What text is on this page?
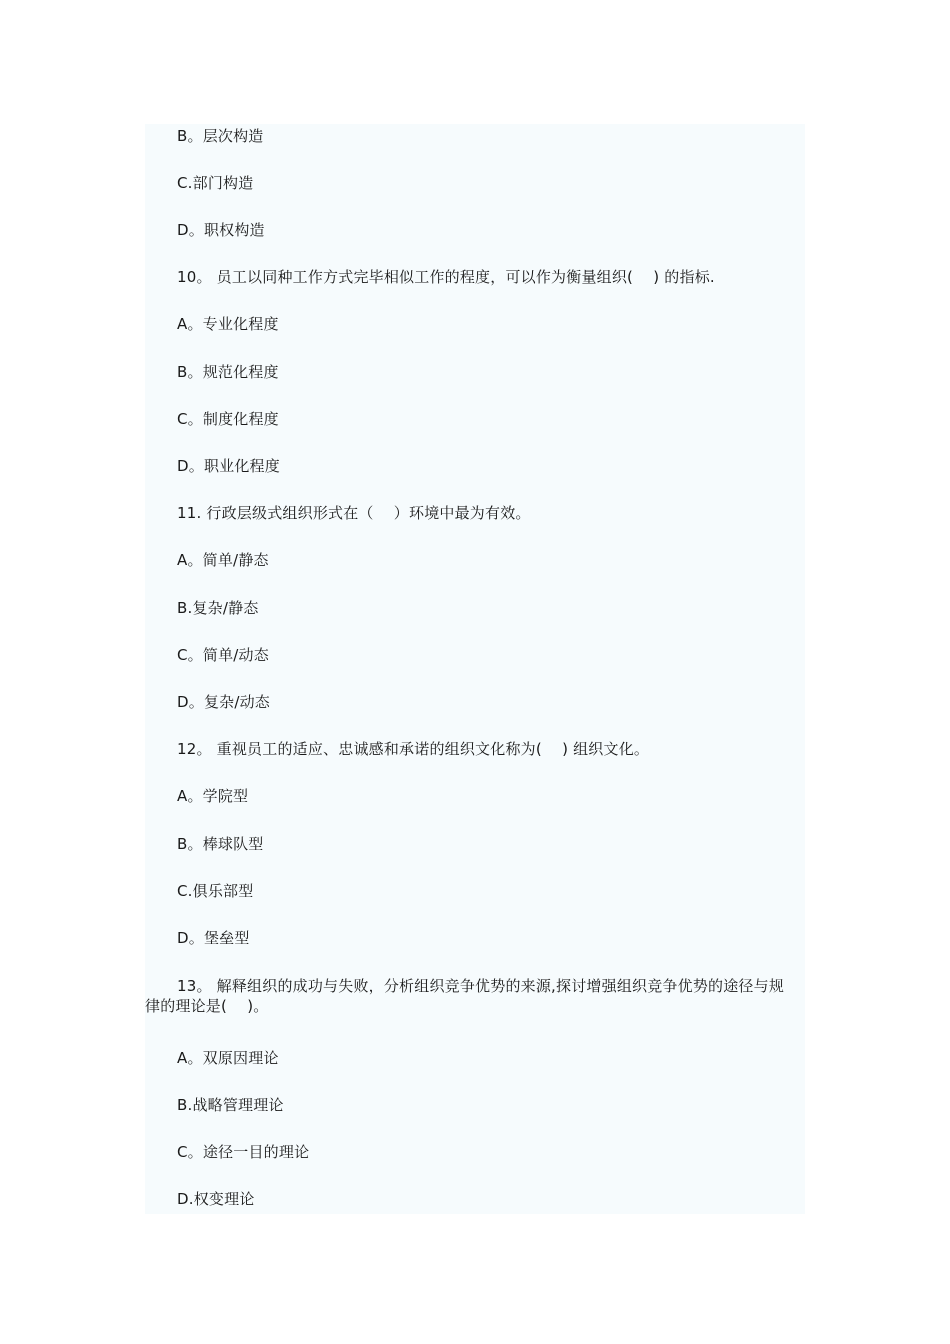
B。层次构造
C.部门构造
D。职权构造
10。 员工以同种工作方式完毕相似工作的程度，可以作为衡量组织(　 ) 的指标.
A。专业化程度
B。规范化程度
C。制度化程度
D。职业化程度
11. 行政层级式组织形式在（　 ）环境中最为有效。
A。简单/静态
B.复杂/静态
C。简单/动态
D。复杂/动态
12。 重视员工的适应、忠诚感和承诺的组织文化称为(　 ) 组织文化。
A。学院型
B。棒球队型
C.俱乐部型
D。堡垒型
13。 解释组织的成功与失败，分析组织竞争优势的来源,探讨增强组织竞争优势的途径与规律的理论是(　 )。
A。双原因理论
B.战略管理理论
C。途径一目的理论
D.权变理论
